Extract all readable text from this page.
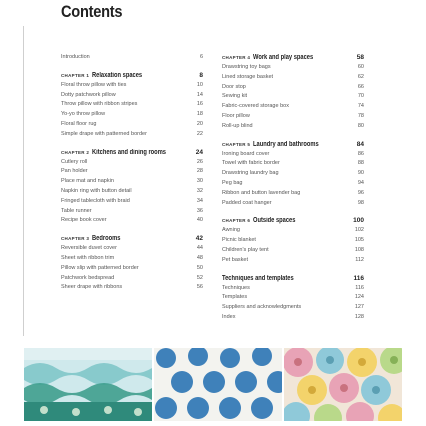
Contents
Introduction	6
CHAPTER 1 Relaxation spaces	8
Floral throw pillow with ties	10
Dotty patchwork pillow	14
Throw pillow with ribbon stripes	16
Yo-yo throw pillow	18
Floral floor rug	20
Simple drape with patterned border	22
CHAPTER 2 Kitchens and dining rooms	24
Cutlery roll	26
Pan holder	28
Place mat and napkin	30
Napkin ring with button detail	32
Fringed tablecloth with braid	34
Table runner	36
Recipe book cover	40
CHAPTER 3 Bedrooms	42
Reversible duvet cover	44
Sheet with ribbon trim	48
Pillow slip with patterned border	50
Patchwork bedspread	52
Sheer drape with ribbons	56
CHAPTER 4 Work and play spaces	58
Drawstring toy bags	60
Lined storage basket	62
Door stop	66
Sewing kit	70
Fabric-covered storage box	74
Floor pillow	78
Roll-up blind	80
CHAPTER 5 Laundry and bathrooms	84
Ironing board cover	86
Towel with fabric border	88
Drawstring laundry bag	90
Peg bag	94
Ribbon and button lavender bag	96
Padded coat hanger	98
CHAPTER 6 Outside spaces	100
Awning	102
Picnic blanket	105
Children's play tent	108
Pet basket	112
Techniques and templates	116
Techniques	116
Templates	124
Suppliers and acknowledgments	127
Index	128
